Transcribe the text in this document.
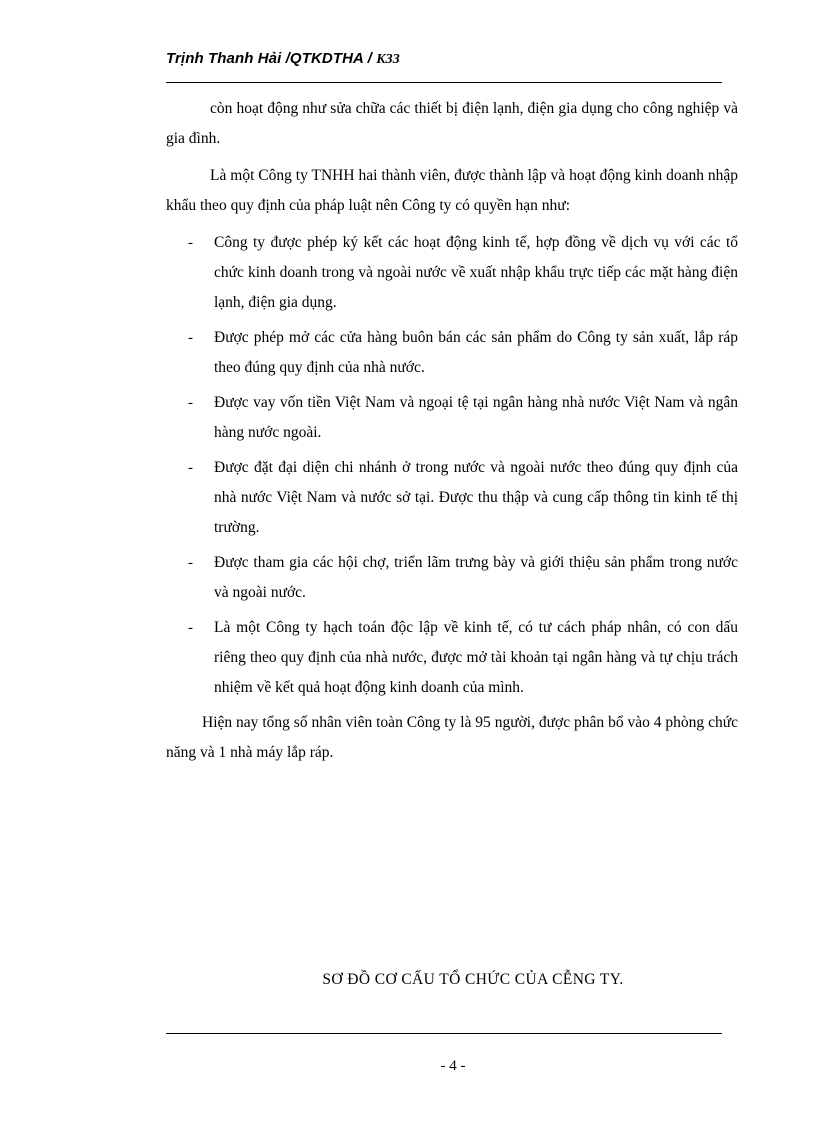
Trịnh Thanh Hải /QTKDTHA / K33

còn hoạt động như sửa chữa các thiết bị điện lạnh, điện gia dụng cho công nghiệp và gia đình.

Là một Công ty TNHH hai thành viên, được thành lập và hoạt động kinh doanh nhập khẩu theo quy định của pháp luật nên Công ty có quyền hạn như:

- Công ty được phép ký kết các hoạt động kinh tế, hợp đồng về dịch vụ với các tổ chức kinh doanh trong và ngoài nước về xuất nhập khẩu trực tiếp các mặt hàng điện lạnh, điện gia dụng.
- Được phép mở các cửa hàng buôn bán các sản phẩm do Công ty sản xuất, lắp ráp theo đúng quy định của nhà nước.
- Được vay vốn tiền Việt Nam và ngoại tệ tại ngân hàng nhà nước Việt Nam và ngân hàng nước ngoài.
- Được đặt đại diện chi nhánh ở trong nước và ngoài nước theo đúng quy định của nhà nước Việt Nam và nước sở tại. Được thu thập và cung cấp thông tin kinh tế thị trường.
- Được tham gia các hội chợ, triển lãm trưng bày và giới thiệu sản phẩm trong nước và ngoài nước.
- Là một Công ty hạch toán độc lập về kinh tế, có tư cách pháp nhân, có con dấu riêng theo quy định của nhà nước, được mở tài khoản tại ngân hàng và tự chịu trách nhiệm về kết quả hoạt động kinh doanh của mình.

Hiện nay tổng số nhân viên toàn Công ty là 95 người, được phân bổ vào 4 phòng chức năng và 1 nhà máy lắp ráp.

SƠ ĐỒ CƠ CẤU TỔ CHỨC CỦA CỄNG TY.
- 4 -
